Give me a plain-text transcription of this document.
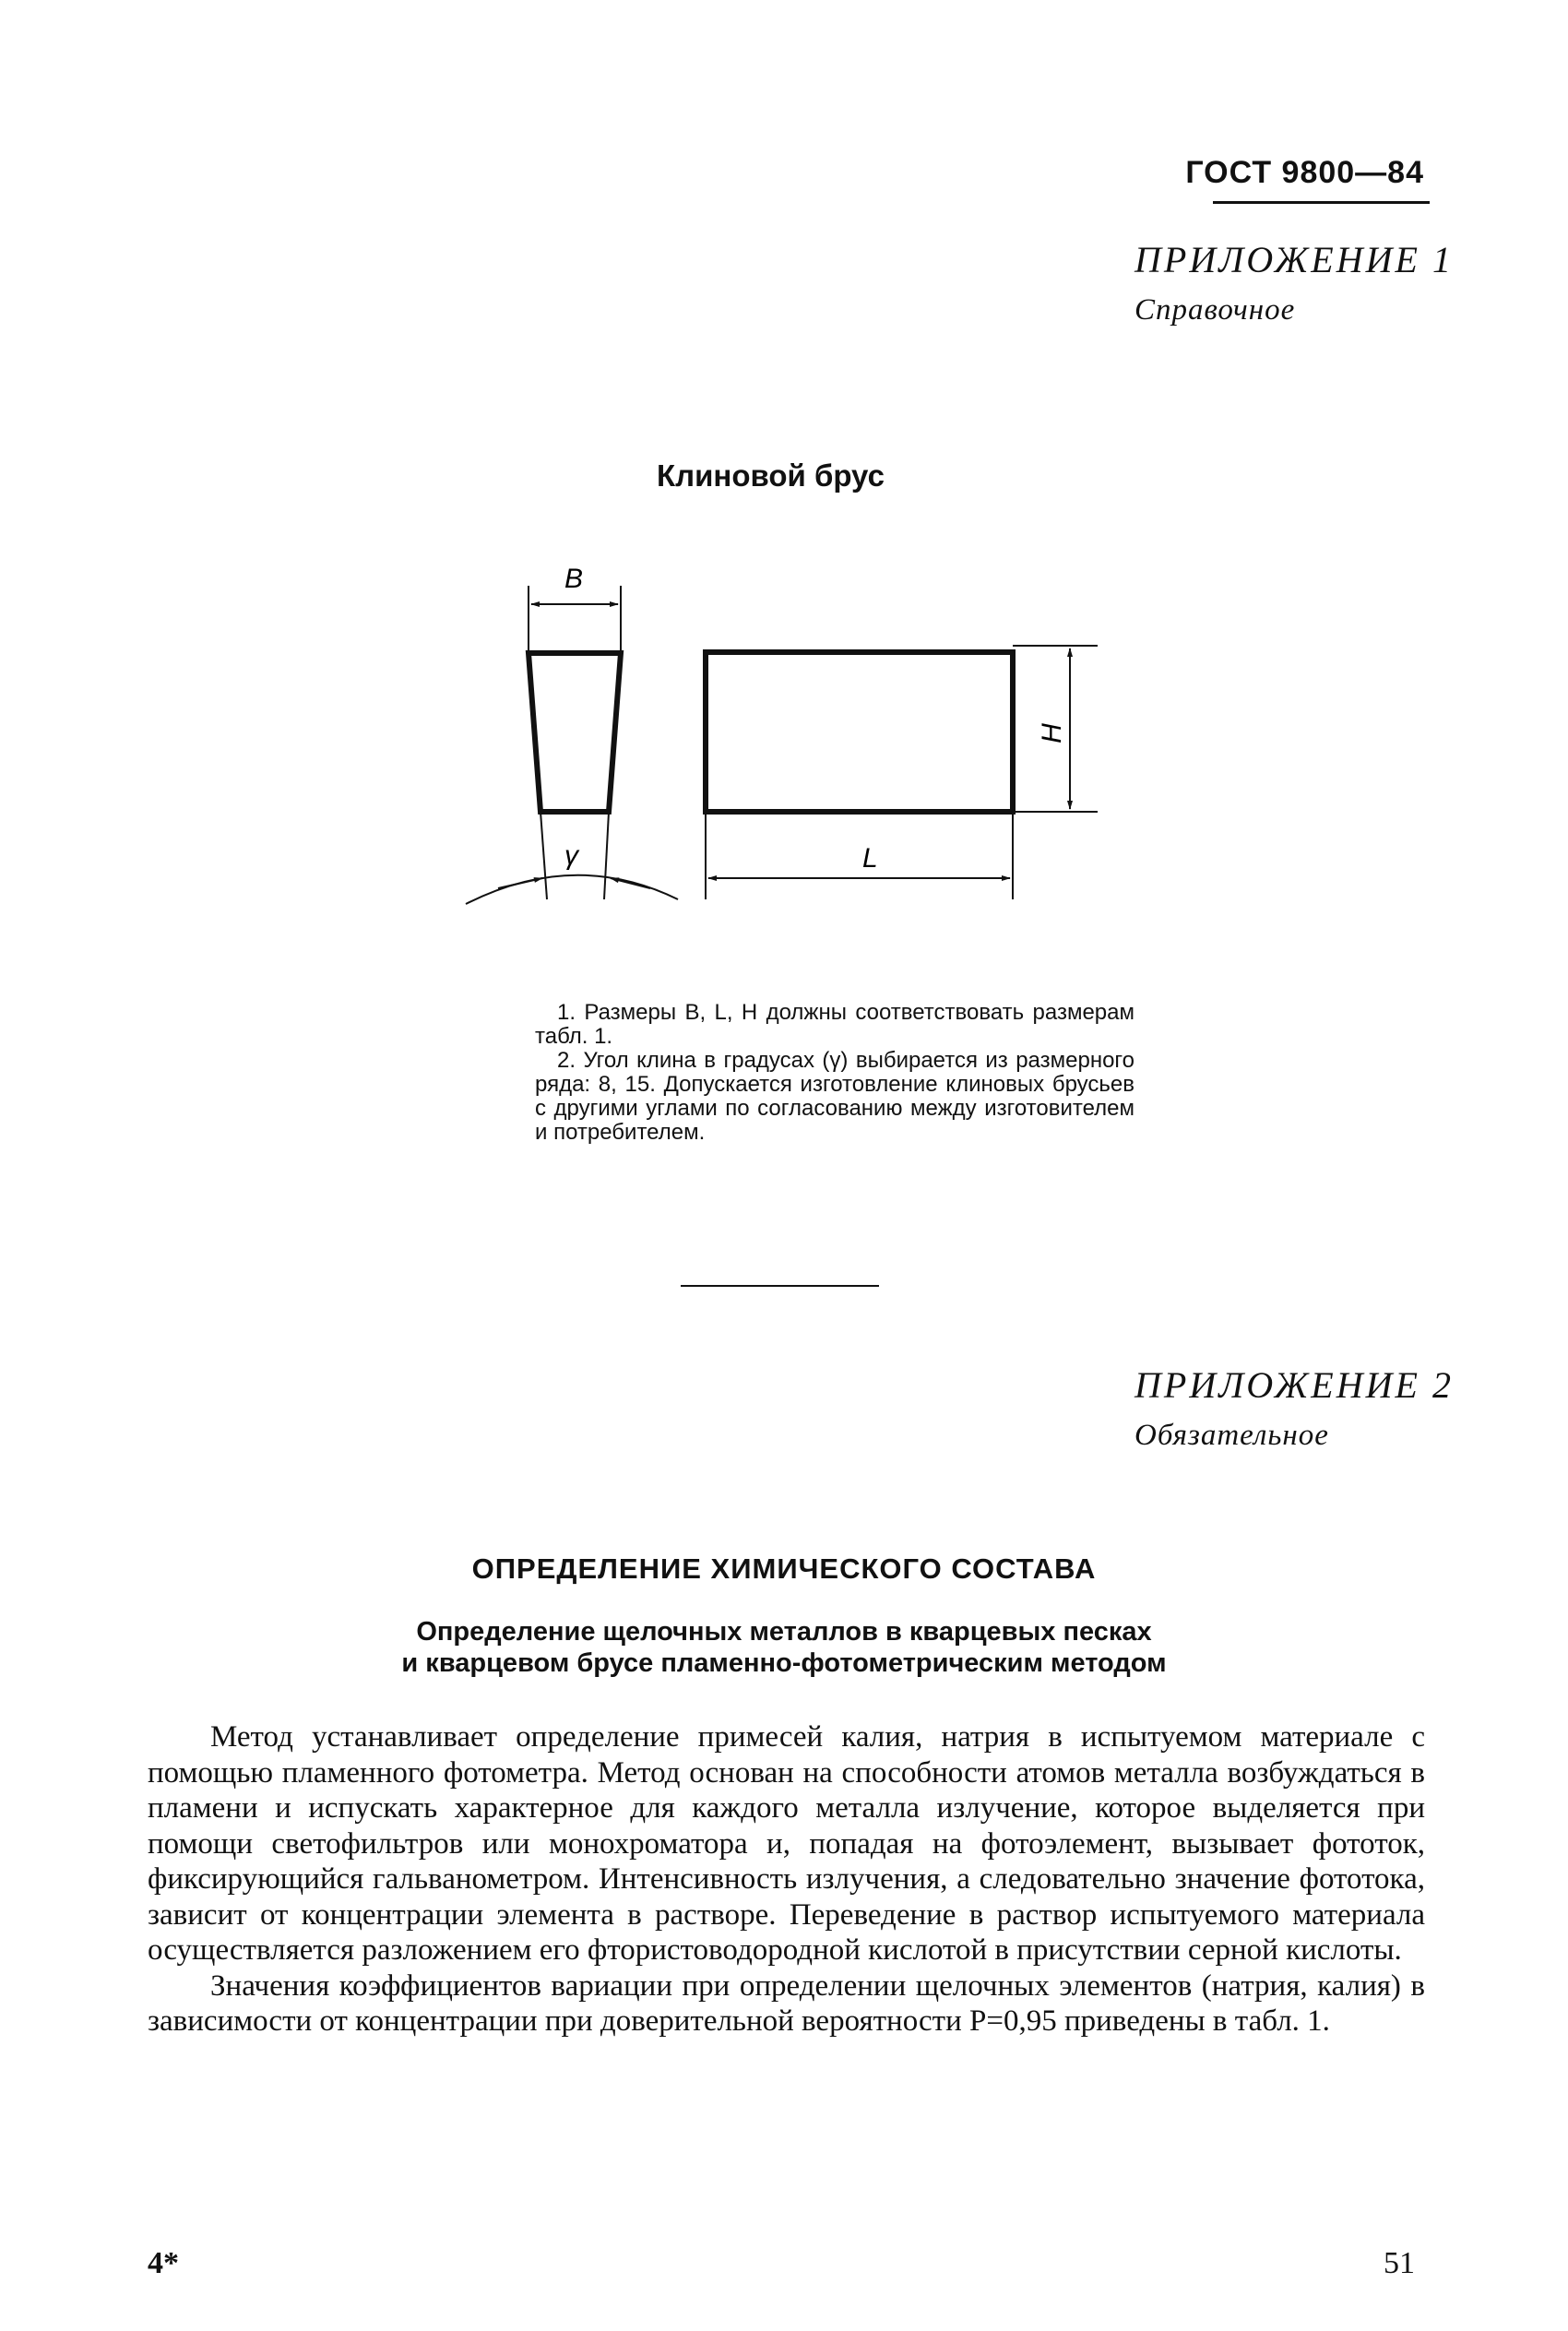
ГОСТ 9800—84
ПРИЛОЖЕНИЕ 1
Справочное
Клиновой брус
B
H
L
γ

1. Размеры B, L, H должны соответствовать размерам табл. 1.

2. Угол клина в градусах (γ) выбирается из размерного ряда: 8, 15. Допускается изготовление клиновых брусьев с другими углами по согласованию между изготовителем и потребителем.

ПРИЛОЖЕНИЕ 2
Обязательное
ОПРЕДЕЛЕНИЕ ХИМИЧЕСКОГО СОСТАВА
Определение щелочных металлов в кварцевых песках
и кварцевом брусе пламенно-фотометрическим методом

Метод устанавливает определение примесей калия, натрия в испытуемом материале с помощью пламенного фотометра. Метод основан на способности атомов металла возбуждаться в пламени и испускать характерное для каждого металла излучение, которое выделяется при помощи светофильтров или монохроматора и, попадая на фотоэлемент, вызывает фототок, фиксирующийся гальванометром. Интенсивность излучения, а следовательно значение фототока, зависит от концентрации элемента в растворе. Переведение в раствор испытуемого материала осуществляется разложением его фтористоводородной кислотой в присутствии серной кислоты.

Значения коэффициентов вариации при определении щелочных элементов (натрия, калия) в зависимости от концентрации при доверительной вероятности P=0,95 приведены в табл. 1.

4*	51
